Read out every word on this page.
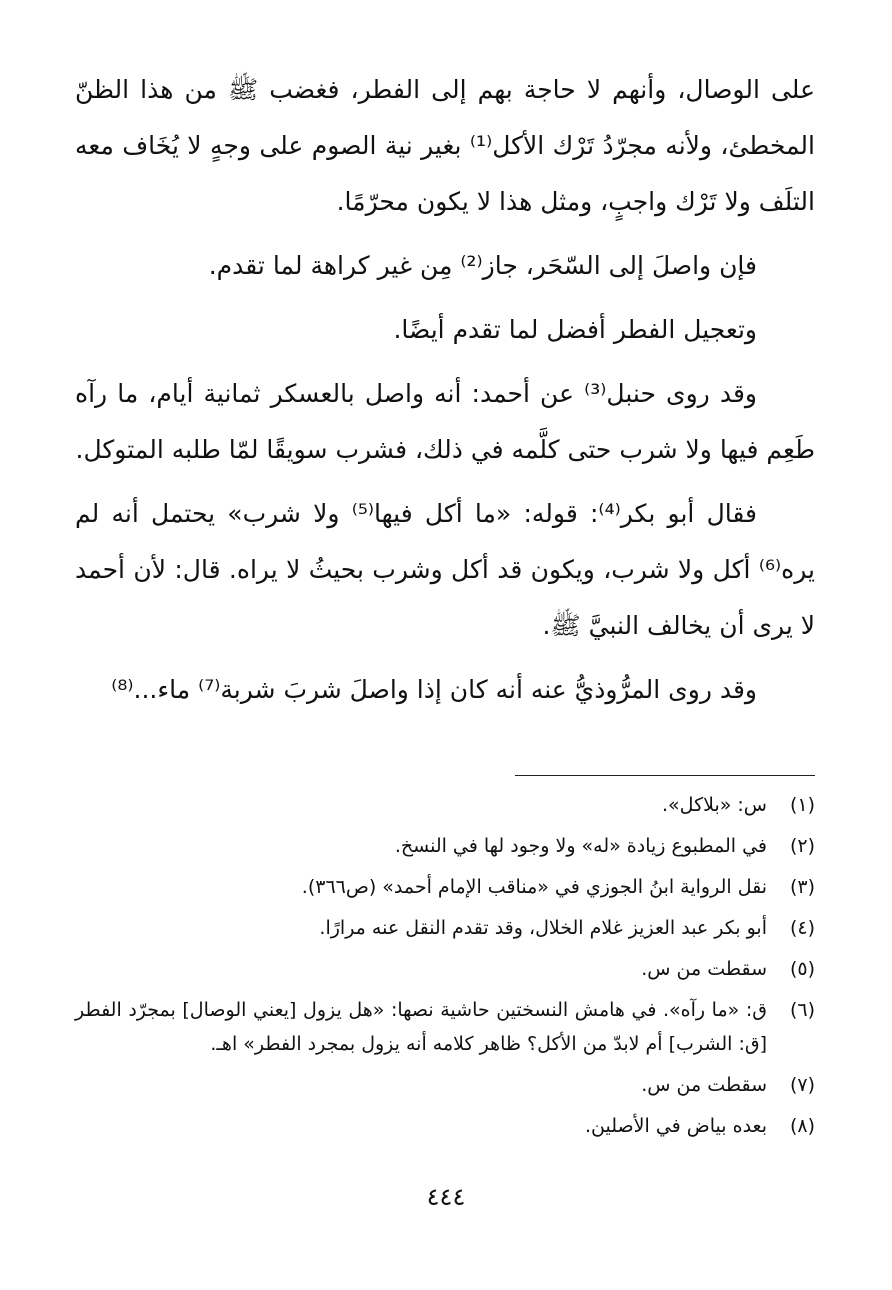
على الوصال، وأنهم لا حاجة بهم إلى الفطر، فغضب ﷺ من هذا الظنّ المخطئ، ولأنه مجرّدُ تَرْك الأكل⁽¹⁾ بغير نية الصوم على وجهٍ لا يُخَاف معه التلَف ولا تَرْك واجبٍ، ومثل هذا لا يكون محرّمًا.

فإن واصلَ إلى السّحَر، جاز⁽²⁾ مِن غير كراهة لما تقدم.

وتعجيل الفطر أفضل لما تقدم أيضًا.

وقد روى حنبل⁽³⁾ عن أحمد: أنه واصل بالعسكر ثمانية أيام، ما رآه طَعِم فيها ولا شرب حتى كلَّمه في ذلك، فشرب سويقًا لمّا طلبه المتوكل.

فقال أبو بكر⁽⁴⁾: قوله: «ما أكل فيها⁽⁵⁾ ولا شرب» يحتمل أنه لم يره⁽⁶⁾ أكل ولا شرب، ويكون قد أكل وشرب بحيثُ لا يراه. قال: لأن أحمد لا يرى أن يخالف النبيَّ ﷺ.

وقد روى المرُّوذيُّ عنه أنه كان إذا واصلَ شربَ شربة⁽⁷⁾ ماء...⁽⁸⁾

(١)
س: «بلاكل».
(٢)
في المطبوع زيادة «له» ولا وجود لها في النسخ.
(٣)
نقل الرواية ابنُ الجوزي في «مناقب الإمام أحمد» (ص٣٦٦).
(٤)
أبو بكر عبد العزيز غلام الخلال، وقد تقدم النقل عنه مرارًا.
(٥)
سقطت من س.
(٦)
ق: «ما رآه». في هامش النسختين حاشية نصها: «هل يزول [يعني الوصال] بمجرّد الفطر [ق: الشرب] أم لابدّ من الأكل؟ ظاهر كلامه أنه يزول بمجرد الفطر» اهـ.
(٧)
سقطت من س.
(٨)
بعده بياض في الأصلين.
٤٤٤
